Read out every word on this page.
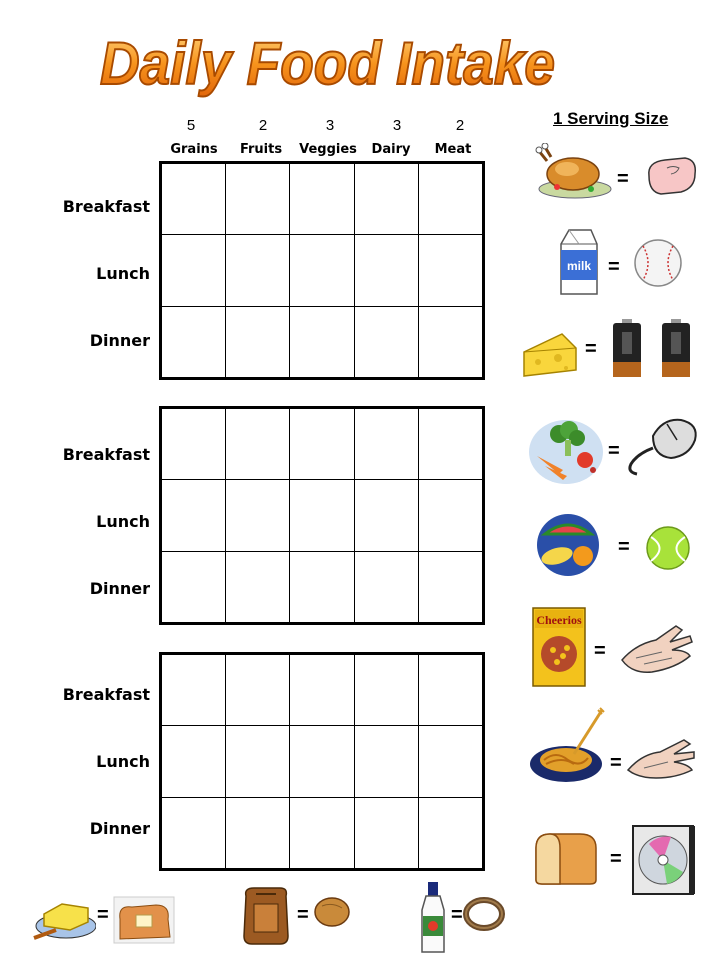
Daily Food Intake
5	2	3	3	2
Grains	Fruits	Veggies	Dairy	Meat
Breakfast
Lunch
Dinner

Breakfast
Lunch
Dinner

Breakfast
Lunch
Dinner

1 Serving Size
=
milk =
=
=
=
Cheerios
=
=
=
=	=	=
